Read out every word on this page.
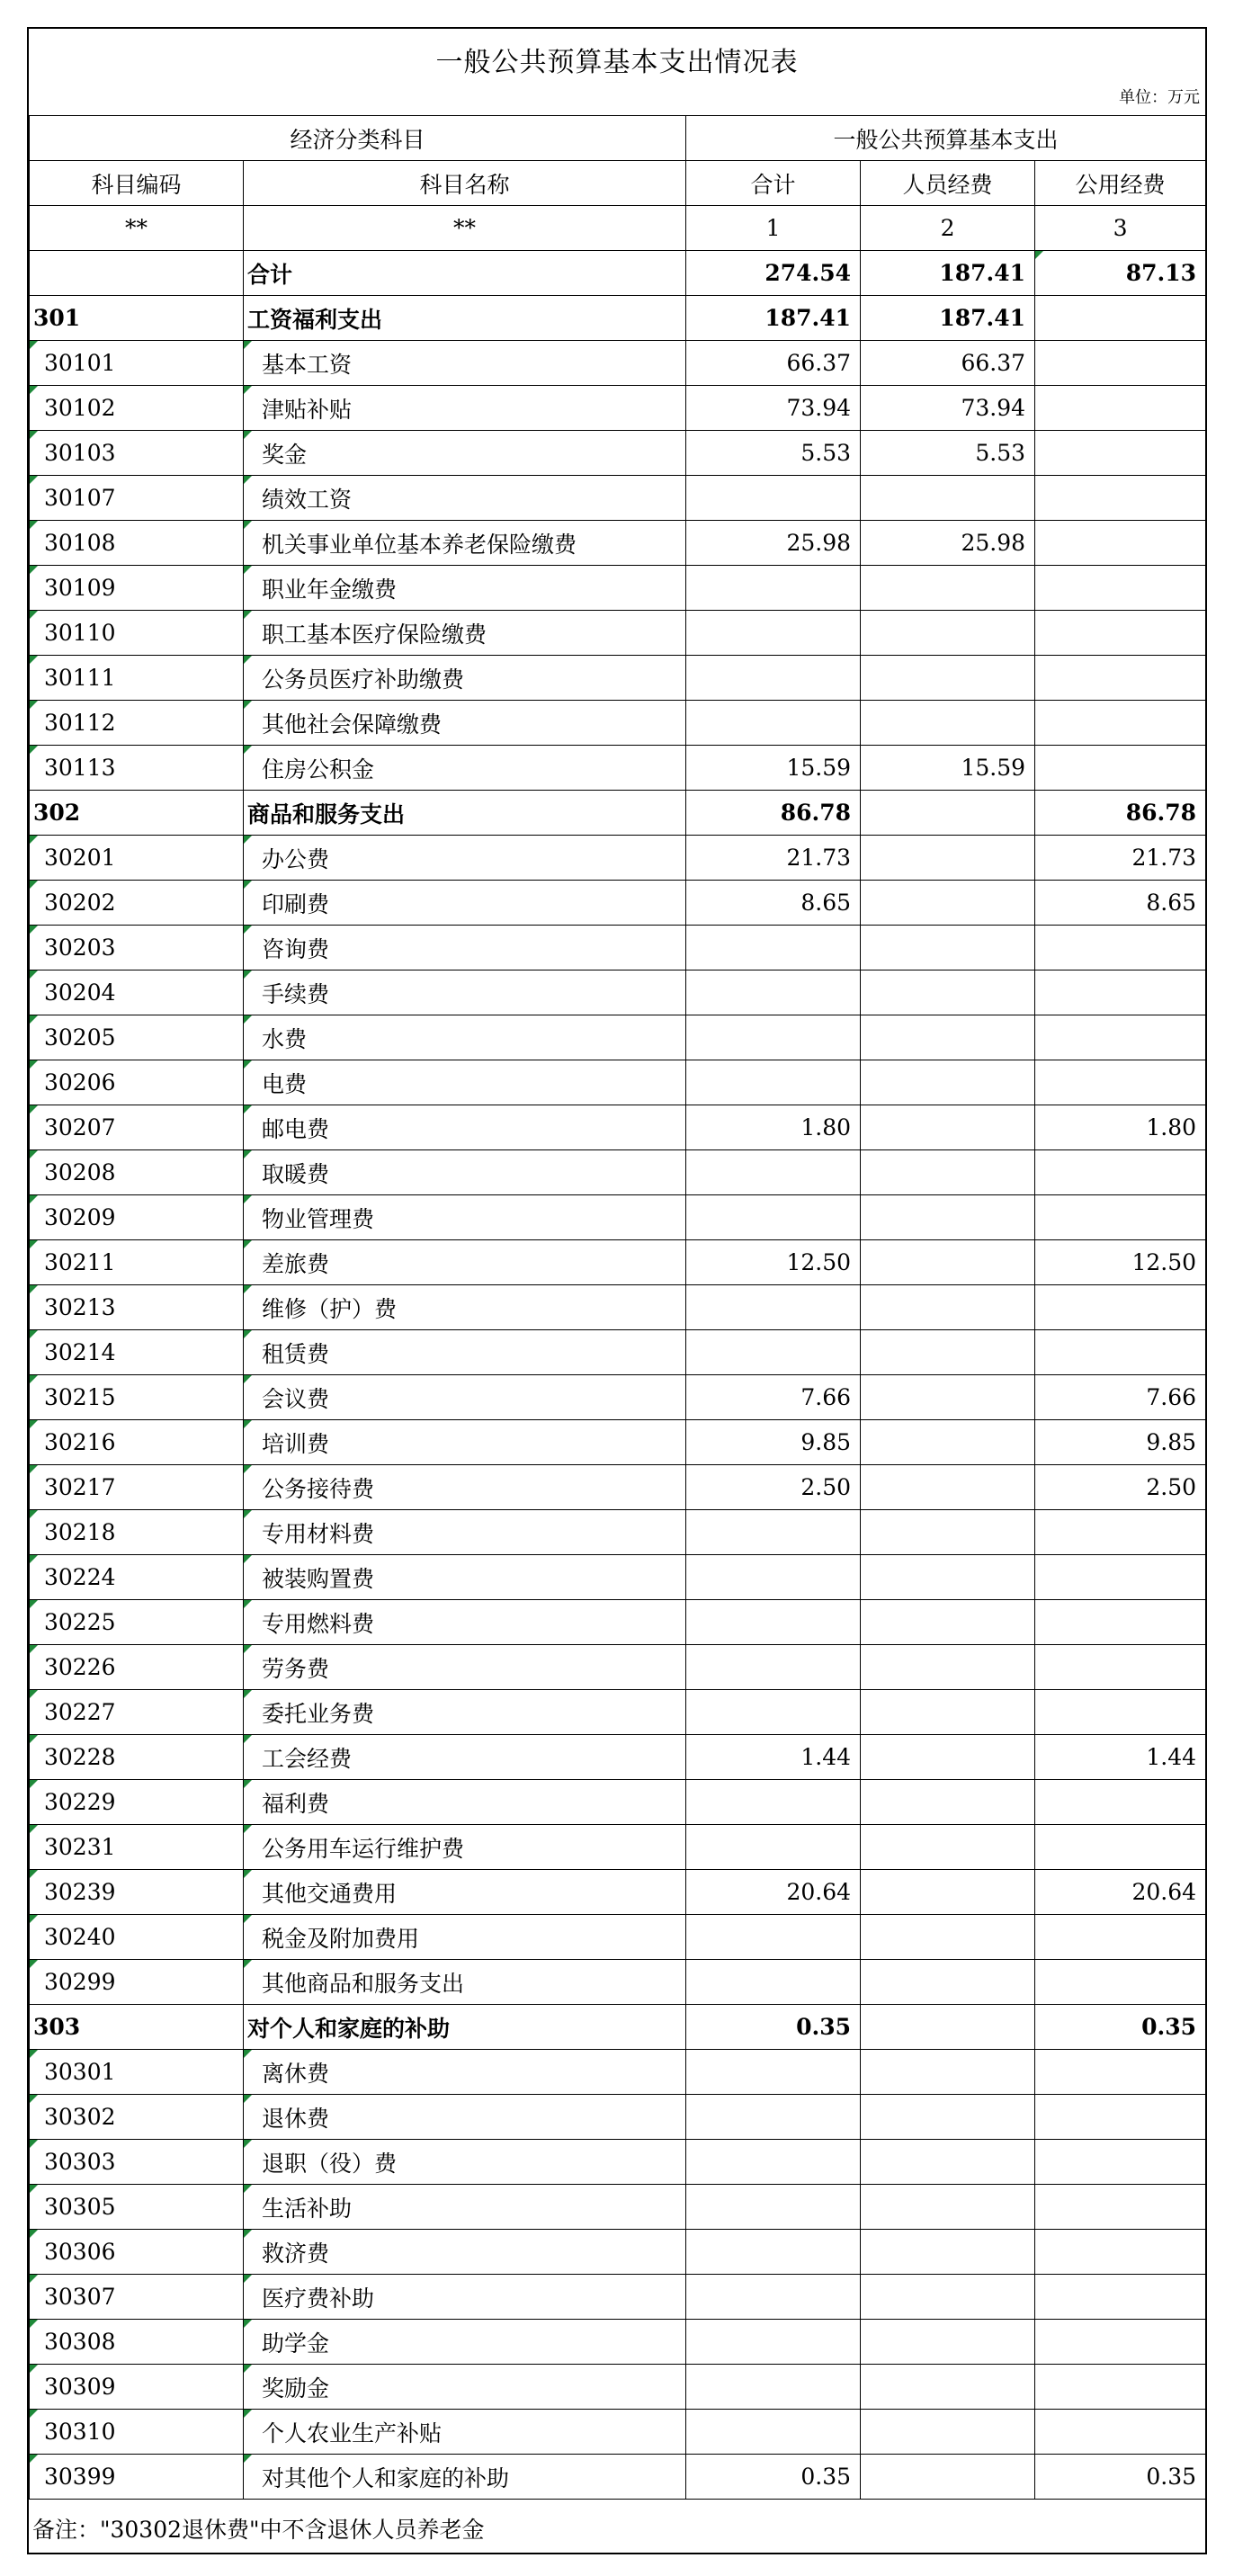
一般公共预算基本支出情况表
单位：万元
经济分类科目		一般公共预算基本支出		
科目编码	科目名称	合计	人员经费	公用经费
**	**	1	2	3
	合计	274.54	187.41	87.13
301	工资福利支出	187.41	187.41	
30101	基本工资	66.37	66.37	
30102	津贴补贴	73.94	73.94	
30103	奖金	5.53	5.53	
30107	绩效工资			
30108	机关事业单位基本养老保险缴费	25.98	25.98	
30109	职业年金缴费			
30110	职工基本医疗保险缴费			
30111	公务员医疗补助缴费			
30112	其他社会保障缴费			
30113	住房公积金	15.59	15.59	
302	商品和服务支出	86.78		86.78
30201	办公费	21.73		21.73
30202	印刷费	8.65		8.65
30203	咨询费			
30204	手续费			
30205	水费			
30206	电费			
30207	邮电费	1.80		1.80
30208	取暖费			
30209	物业管理费			
30211	差旅费	12.50		12.50
30213	维修（护）费			
30214	租赁费			
30215	会议费	7.66		7.66
30216	培训费	9.85		9.85
30217	公务接待费	2.50		2.50
30218	专用材料费			
30224	被装购置费			
30225	专用燃料费			
30226	劳务费			
30227	委托业务费			
30228	工会经费	1.44		1.44
30229	福利费			
30231	公务用车运行维护费			
30239	其他交通费用	20.64		20.64
30240	税金及附加费用			
30299	其他商品和服务支出			
303	对个人和家庭的补助	0.35		0.35
30301	离休费			
30302	退休费			
30303	退职（役）费			
30305	生活补助			
30306	救济费			
30307	医疗费补助			
30308	助学金			
30309	奖励金			
30310	个人农业生产补贴			
30399	对其他个人和家庭的补助	0.35		0.35
备注："30302退休费"中不含退休人员养老金
